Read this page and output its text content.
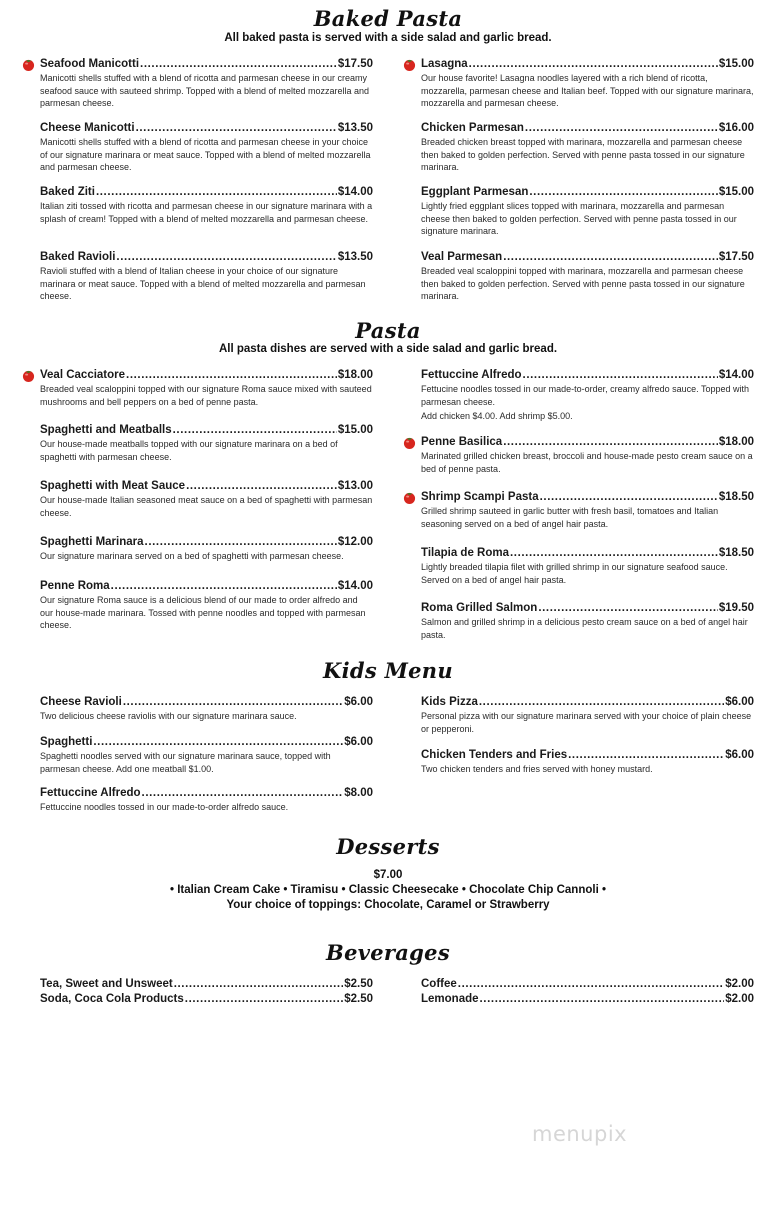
Baked Pasta
All baked pasta is served with a side salad and garlic bread.
Seafood Manicotti .....	$17.50
Manicotti shells stuffed with a blend of ricotta and parmesan cheese in our creamy seafood sauce with sauteed shrimp. Topped with a blend of melted mozzarella and parmesan cheese.
Cheese Manicotti .....	$13.50
Manicotti shells stuffed with a blend of ricotta and parmesan cheese in your choice of our signature marinara or meat sauce. Topped with a blend of melted mozzarella and parmesan cheese.
Baked Ziti .....	$14.00
Italian ziti tossed with ricotta and parmesan cheese in our signature marinara with a splash of cream! Topped with a blend of melted mozzarella and parmesan cheese.
Baked Ravioli .....	$13.50
Ravioli stuffed with a blend of Italian cheese in your choice of our signature marinara or meat sauce. Topped with a blend of melted mozzarella and parmesan cheese.
Lasagna .....	$15.00
Our house favorite! Lasagna noodles layered with a rich blend of ricotta, mozzarella, parmesan cheese and Italian beef. Topped with our signature marinara, mozzarella and parmesan cheese.
Chicken Parmesan .....	$16.00
Breaded chicken breast topped with marinara, mozzarella and parmesan cheese then baked to golden perfection. Served with penne pasta tossed in our signature marinara.
Eggplant Parmesan .....	$15.00
Lightly fried eggplant slices topped with marinara, mozzarella and parmesan cheese then baked to golden perfection. Served with penne pasta tossed in our signature marinara.
Veal Parmesan .....	$17.50
Breaded veal scaloppini topped with marinara, mozzarella and parmesan cheese then baked to golden perfection. Served with penne pasta tossed in our signature marinara.
Pasta
All pasta dishes are served with a side salad and garlic bread.
Veal Cacciatore .....	$18.00
Breaded veal scaloppini topped with our signature Roma sauce mixed with sauteed mushrooms and bell peppers on a bed of penne pasta.
Spaghetti and Meatballs .....	$15.00
Our house-made meatballs topped with our signature marinara on a bed of spaghetti with parmesan cheese.
Spaghetti with Meat Sauce .....	$13.00
Our house-made Italian seasoned meat sauce on a bed of spaghetti with parmesan cheese.
Spaghetti Marinara .....	$12.00
Our signature marinara served on a bed of spaghetti with parmesan cheese.
Penne Roma .....	$14.00
Our signature Roma sauce is a delicious blend of our made to order alfredo and our house-made marinara. Tossed with penne noodles and topped with parmesan cheese.
Fettuccine Alfredo .....	$14.00
Fettucine noodles tossed in our made-to-order, creamy alfredo sauce. Topped with parmesan cheese.
Add chicken $4.00. Add shrimp $5.00.
Penne Basilica .....	$18.00
Marinated grilled chicken breast, broccoli and house-made pesto cream sauce on a bed of penne pasta.
Shrimp Scampi Pasta .....	$18.50
Grilled shrimp sauteed in garlic butter with fresh basil, tomatoes and Italian seasoning served on a bed of angel hair pasta.
Tilapia de Roma .....	$18.50
Lightly breaded tilapia filet with grilled shrimp in our signature seafood sauce. Served on a bed of angel hair pasta.
Roma Grilled Salmon .....	$19.50
Salmon and grilled shrimp in a delicious pesto cream sauce on a bed of angel hair pasta.
Kids Menu
Cheese Ravioli .....	$6.00
Two delicious cheese raviolis with our signature marinara sauce.
Spaghetti .....	$6.00
Spaghetti noodles served with our signature marinara sauce, topped with parmesan cheese. Add one meatball $1.00.
Fettuccine Alfredo .....	$8.00
Fettuccine noodles tossed in our made-to-order alfredo sauce.
Kids Pizza .....	$6.00
Personal pizza with our signature marinara served with your choice of plain cheese or pepperoni.
Chicken Tenders and Fries .....	$6.00
Two chicken tenders and fries served with honey mustard.
Desserts
$7.00
• Italian Cream Cake • Tiramisu • Classic Cheesecake • Chocolate Chip Cannoli •
Your choice of toppings: Chocolate, Caramel or Strawberry
Beverages
Tea, Sweet and Unsweet .....	$2.50
Soda, Coca Cola Products .....	$2.50
Coffee .....	$2.00
Lemonade .....	$2.00
menupix
